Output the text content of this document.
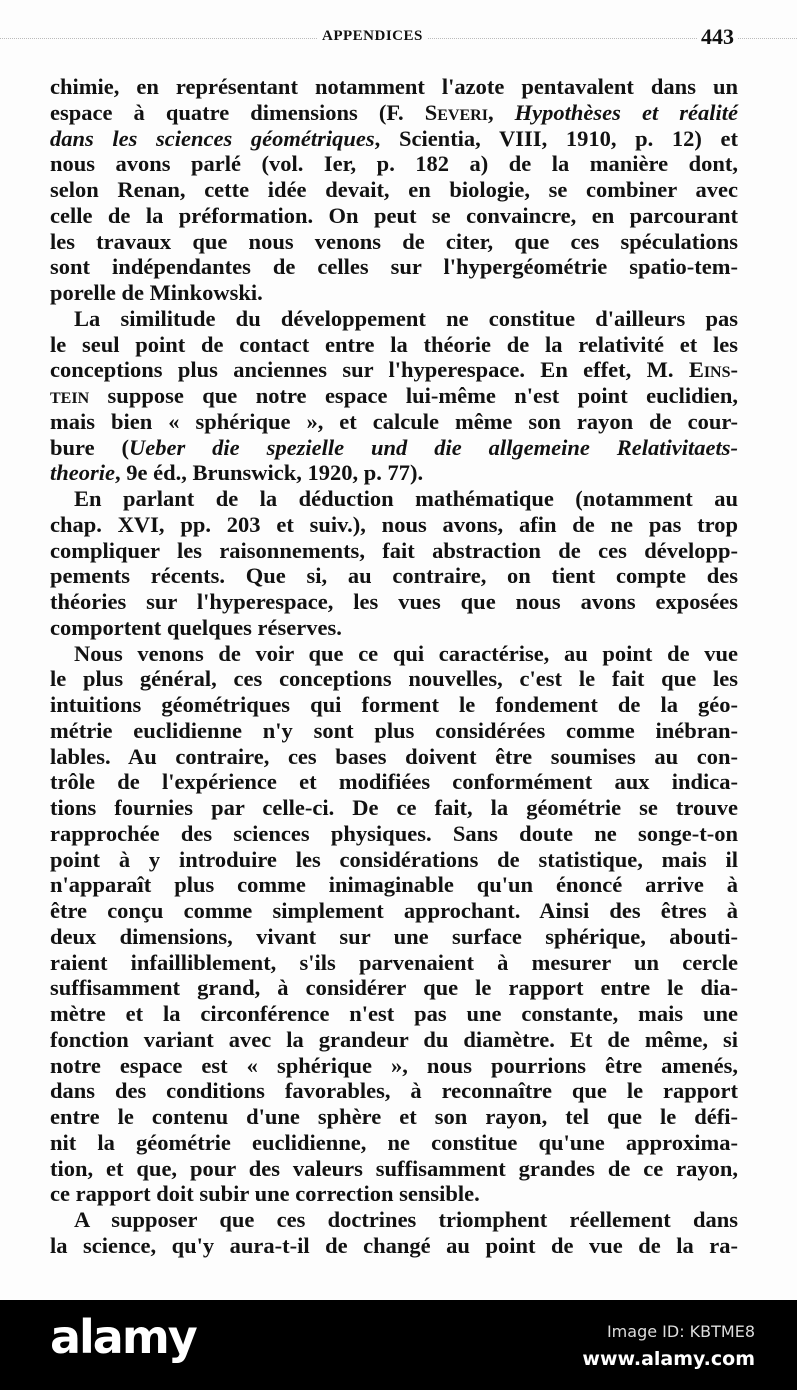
APPENDICES	443
chimie, en représentant notamment l'azote pentavalent dans un
espace à quatre dimensions (F. Severi, Hypothèses et réalité
dans les sciences géométriques, Scientia, VIII, 1910, p. 12) et
nous avons parlé (vol. Ier, p. 182 a) de la manière dont,
selon Renan, cette idée devait, en biologie, se combiner avec
celle de la préformation. On peut se convaincre, en parcourant
les travaux que nous venons de citer, que ces spéculations
sont indépendantes de celles sur l'hypergéométrie spatio-tem-
porelle de Minkowski.
La similitude du développement ne constitue d'ailleurs pas
le seul point de contact entre la théorie de la relativité et les
conceptions plus anciennes sur l'hyperespace. En effet, M. Eins-
tein suppose que notre espace lui-même n'est point euclidien,
mais bien « sphérique », et calcule même son rayon de cour-
bure (Ueber die spezielle und die allgemeine Relativitaets-
theorie, 9e éd., Brunswick, 1920, p. 77).
En parlant de la déduction mathématique (notamment au
chap. XVI, pp. 203 et suiv.), nous avons, afin de ne pas trop
compliquer les raisonnements, fait abstraction de ces développ-
pements récents. Que si, au contraire, on tient compte des
théories sur l'hyperespace, les vues que nous avons exposées
comportent quelques réserves.
Nous venons de voir que ce qui caractérise, au point de vue
le plus général, ces conceptions nouvelles, c'est le fait que les
intuitions géométriques qui forment le fondement de la géo-
métrie euclidienne n'y sont plus considérées comme inébran-
lables. Au contraire, ces bases doivent être soumises au con-
trôle de l'expérience et modifiées conformément aux indica-
tions fournies par celle-ci. De ce fait, la géométrie se trouve
rapprochée des sciences physiques. Sans doute ne songe-t-on
point à y introduire les considérations de statistique, mais il
n'apparaît plus comme inimaginable qu'un énoncé arrive à
être conçu comme simplement approchant. Ainsi des êtres à
deux dimensions, vivant sur une surface sphérique, abouti-
raient infailliblement, s'ils parvenaient à mesurer un cercle
suffisamment grand, à considérer que le rapport entre le dia-
mètre et la circonférence n'est pas une constante, mais une
fonction variant avec la grandeur du diamètre. Et de même, si
notre espace est « sphérique », nous pourrions être amenés,
dans des conditions favorables, à reconnaître que le rapport
entre le contenu d'une sphère et son rayon, tel que le défi-
nit la géométrie euclidienne, ne constitue qu'une approxima-
tion, et que, pour des valeurs suffisamment grandes de ce rayon,
ce rapport doit subir une correction sensible.
A supposer que ces doctrines triomphent réellement dans
la science, qu'y aura-t-il de changé au point de vue de la ra-
alamy	Image ID: KBTME8
www.alamy.com
